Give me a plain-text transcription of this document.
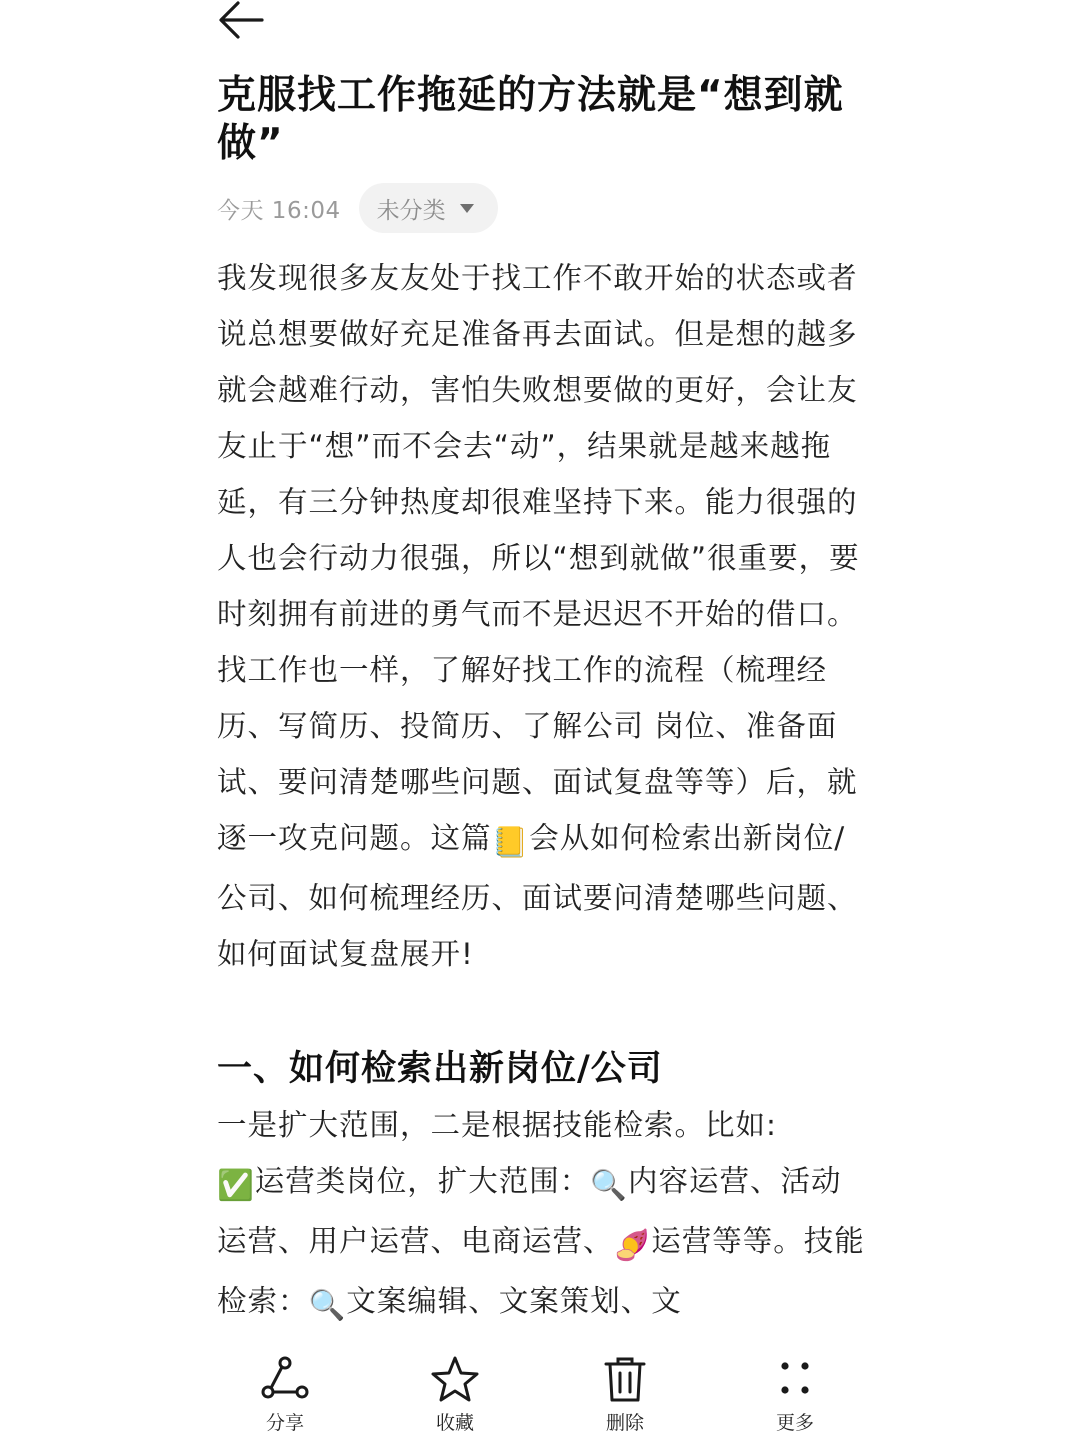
克服找工作拖延的方法就是“想到就做”
今天 16:04 未分类

我发现很多友友处于找工作不敢开始的状态或者说总想要做好充足准备再去面试。但是想的越多就会越难行动，害怕失败想要做的更好，会让友友止于“想”而不会去“动”，结果就是越来越拖延，有三分钟热度却很难坚持下来。能力很强的人也会行动力很强，所以“想到就做”很重要，要时刻拥有前进的勇气而不是迟迟不开始的借口。找工作也一样，了解好找工作的流程（梳理经历、写简历、投简历、了解公司 岗位、准备面试、要问清楚哪些问题、面试复盘等等）后，就逐一攻克问题。这篇📒会从如何检索出新岗位/公司、如何梳理经历、面试要问清楚哪些问题、如何面试复盘展开!

一、如何检索出新岗位/公司

一是扩大范围，二是根据技能检索。比如:

✅运营类岗位，扩大范围：🔍内容运营、活动运营、用户运营、电商运营、🍠运营等等。技能检索：🔍文案编辑、文案策划、文

分享	收藏	删除	更多
